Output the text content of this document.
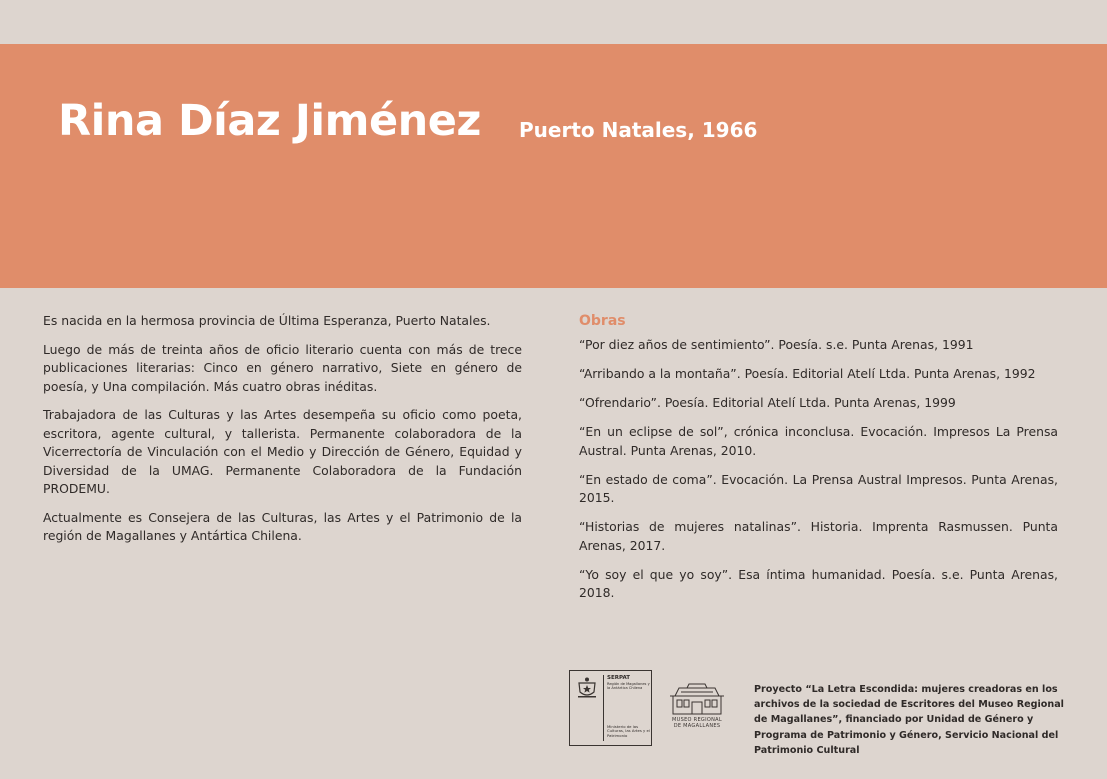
Rina Díaz Jiménez Puerto Natales, 1966

Es nacida en la hermosa provincia de Última Esperanza, Puerto Natales.

Luego de más de treinta años de oficio literario cuenta con más de trece publicaciones literarias: Cinco en género narrativo, Siete en género de poesía, y Una compilación. Más cuatro obras inéditas.

Trabajadora de las Culturas y las Artes desempeña su oficio como poeta, escritora, agente cultural, y tallerista. Permanente colaboradora de la Vicerrectoría de Vinculación con el Medio y Dirección de Género, Equidad y Diversidad de la UMAG. Permanente Colaboradora de la Fundación PRODEMU.

Actualmente es Consejera de las Culturas, las Artes y el Patrimonio de la región de Magallanes y Antártica Chilena.

Obras
“Por diez años de sentimiento”. Poesía. s.e. Punta Arenas, 1991
“Arribando a la montaña”. Poesía. Editorial Atelí Ltda. Punta Arenas, 1992
“Ofrendario”. Poesía. Editorial Atelí Ltda. Punta Arenas, 1999
“En un eclipse de sol”, crónica inconclusa. Evocación. Impresos La Prensa Austral. Punta Arenas, 2010.
“En estado de coma”. Evocación. La Prensa Austral Impresos. Punta Arenas, 2015.
“Historias de mujeres natalinas”. Historia. Imprenta Rasmussen. Punta Arenas, 2017.
“Yo soy el que yo soy”. Esa íntima humanidad. Poesía. s.e. Punta Arenas, 2018.
SERPAT
Región de Magallanes y la Antártica Chilena
Ministerio de las Culturas, las Artes y el Patrimonio
MUSEO REGIONAL
DE MAGALLANES
Proyecto “La Letra Escondida: mujeres creadoras en los archivos de la sociedad de Escritores del Museo Regional de Magallanes”, financiado por Unidad de Género y Programa de Patrimonio y Género, Servicio Nacional del Patrimonio Cultural
